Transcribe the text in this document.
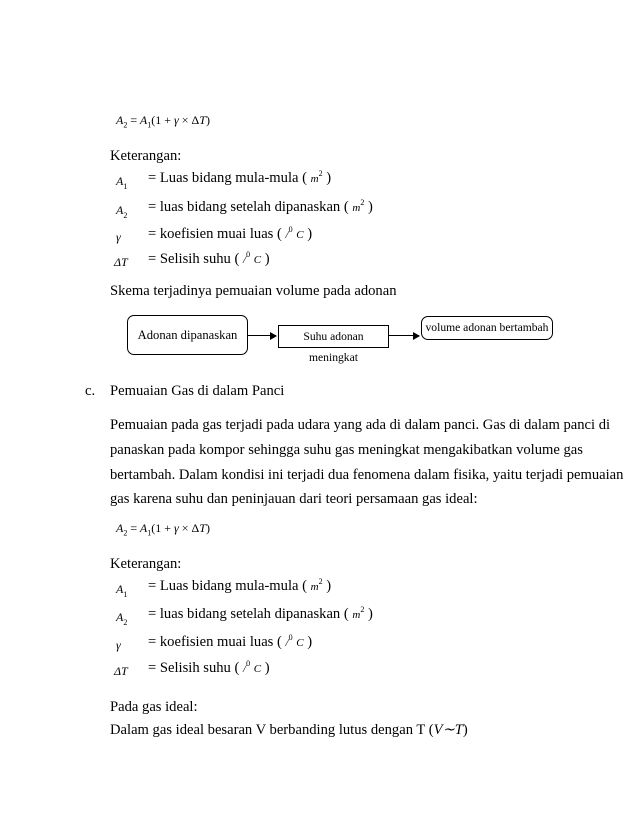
$A_2 = A_1(1 + \gamma \times \Delta T)$
Keterangan:
$A_1$
= Luas bidang mula-mula ( $m^2$ )
$A_2$
= luas bidang setelah dipanaskan ( $m^2$ )
γ = koefisien muai luas ( /$^0$ C )
ΔT = Selisih suhu ( /$^0$ C )
Skema terjadinya pemuaian volume pada adonan
Adonan dipanaskan	Suhu adonan meningkat
volume adonan bertambah
c. Pemuaian Gas di dalam Panci
Pemuaian pada gas terjadi pada udara yang ada di dalam panci. Gas di dalam panci di
panaskan pada kompor sehingga suhu gas meningkat mengakibatkan volume gas
bertambah. Dalam kondisi ini terjadi dua fenomena dalam fisika, yaitu terjadi pemuaian
gas karena suhu dan peninjauan dari teori persamaan gas ideal:
$A_2 = A_1(1 + \gamma \times \Delta T)$
Keterangan:
$A_1$
= Luas bidang mula-mula ( $m^2$ )
$A_2$
= luas bidang setelah dipanaskan ( $m^2$ )
γ = koefisien muai luas ( /$^0$ C )
ΔT = Selisih suhu ( /$^0$ C )
Pada gas ideal:
Dalam gas ideal besaran V berbanding lutus dengan T (V∼T)
